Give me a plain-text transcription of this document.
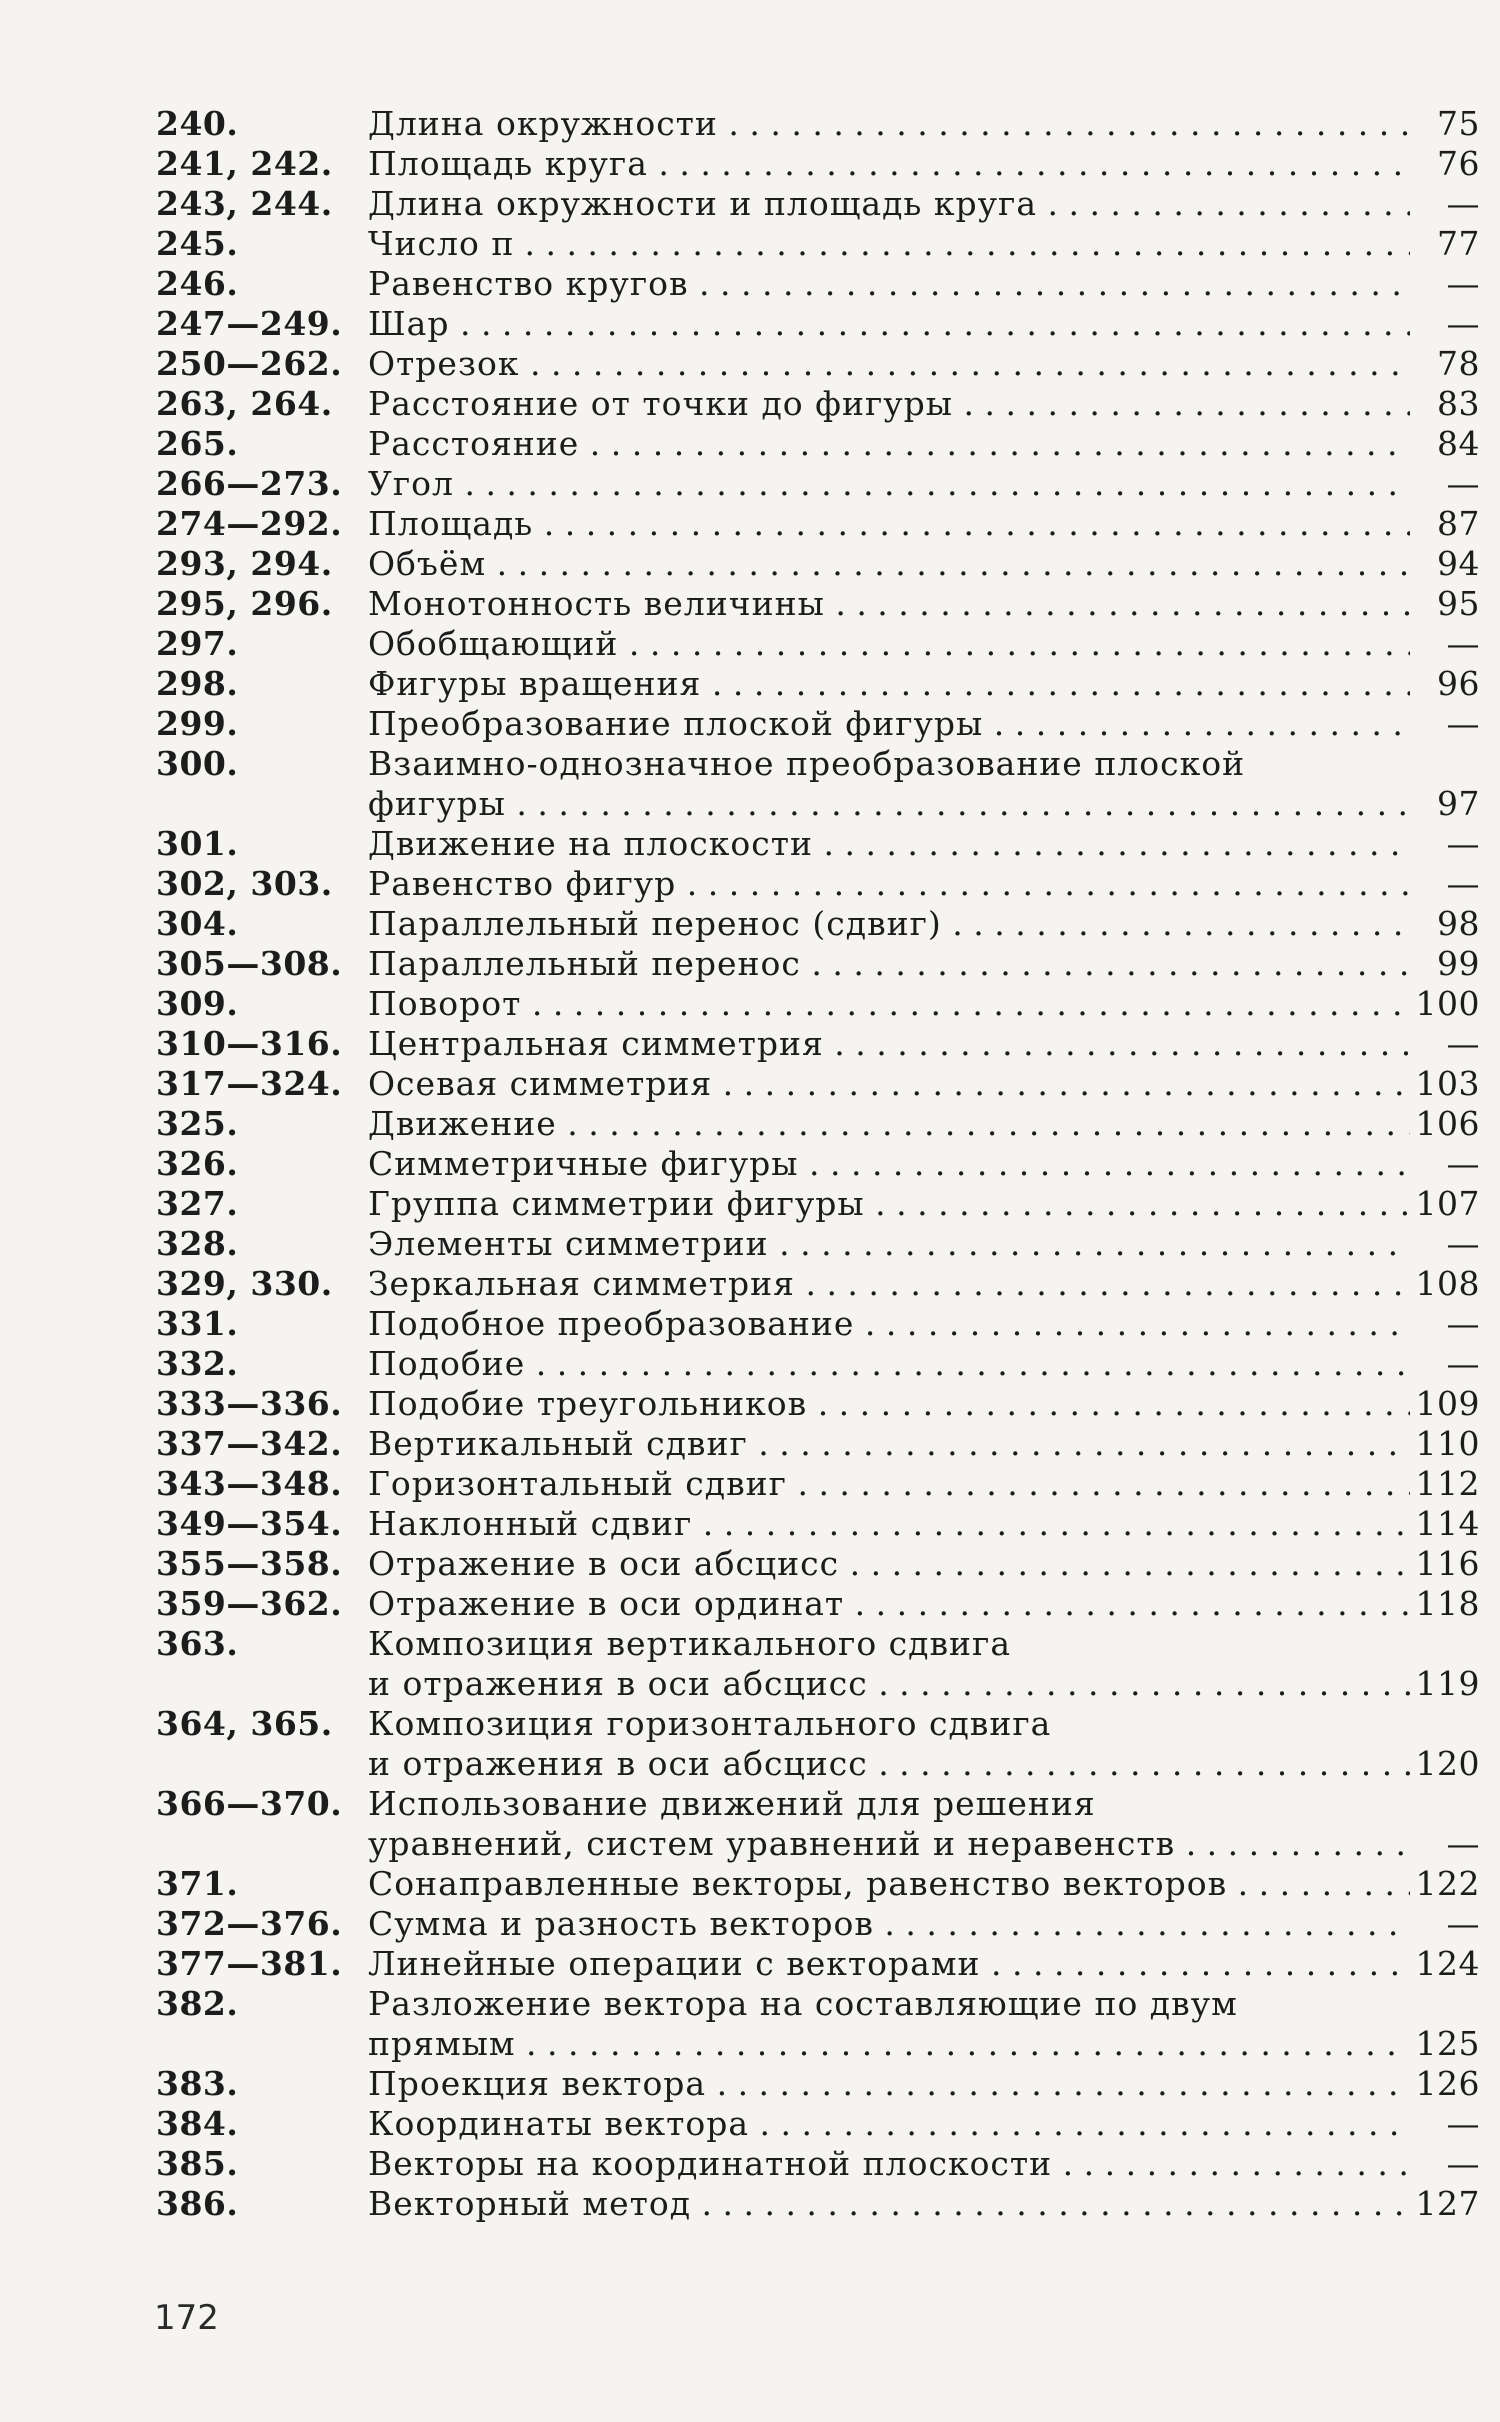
240.	Длина окружности . . .	75
241, 242. Площадь круга . . .	76
243, 244. Длина окружности и площадь круга . . .	—
245.	Число π . . .	77
246.	Равенство кругов . . .	—
247—249. Шар . . .	—
250—262. Отрезок . . .	78
263, 264. Расстояние от точки до фигуры . . .	83
265.	Расстояние . . .	84
266—273. Угол . . .	—
274—292. Площадь . . .	87
293, 294. Объём . . .	94
295, 296. Монотонность величины . . .	95
297.	Обобщающий . . .	—
298.	Фигуры вращения . . .	96
299.	Преобразование плоской фигуры . . .	—
300.	Взаимно-однозначное преобразование плоской
фигуры . . .	97
301.	Движение на плоскости . . .	—
302, 303. Равенство фигур . . .	—
304.	Параллельный перенос (сдвиг) . . .	98
305—308. Параллельный перенос . . .	99
309.	Поворот . . .	100
310—316. Центральная симметрия . . .	—
317—324. Осевая симметрия . . .	103
325.	Движение . . .	106
326.	Симметричные фигуры . . .	—
327.	Группа симметрии фигуры . . .	107
328.	Элементы симметрии . . .	—
329, 330. Зеркальная симметрия . . .	108
331.	Подобное преобразование . . .	—
332.	Подобие . . .	—
333—336. Подобие треугольников . . .	109
337—342. Вертикальный сдвиг . . .	110
343—348. Горизонтальный сдвиг . . .	112
349—354. Наклонный сдвиг . . .	114
355—358. Отражение в оси абсцисс . . .	116
359—362. Отражение в оси ординат . . .	118
363.	Композиция вертикального сдвига
и отражения в оси абсцисс . . .	119
364, 365. Композиция горизонтального сдвига
и отражения в оси абсцисс . . .	120
366—370. Использование движений для решения
уравнений, систем уравнений и неравенств . . .	—
371.	Сонаправленные векторы, равенство векторов . . .	122
372—376. Сумма и разность векторов . . .	—
377—381. Линейные операции с векторами . . .	124
382.	Разложение вектора на составляющие по двум
прямым . . .	125
383.	Проекция вектора . . .	126
384.	Координаты вектора . . .	—
385.	Векторы на координатной плоскости . . .	—
386.	Векторный метод . . .	127
172
